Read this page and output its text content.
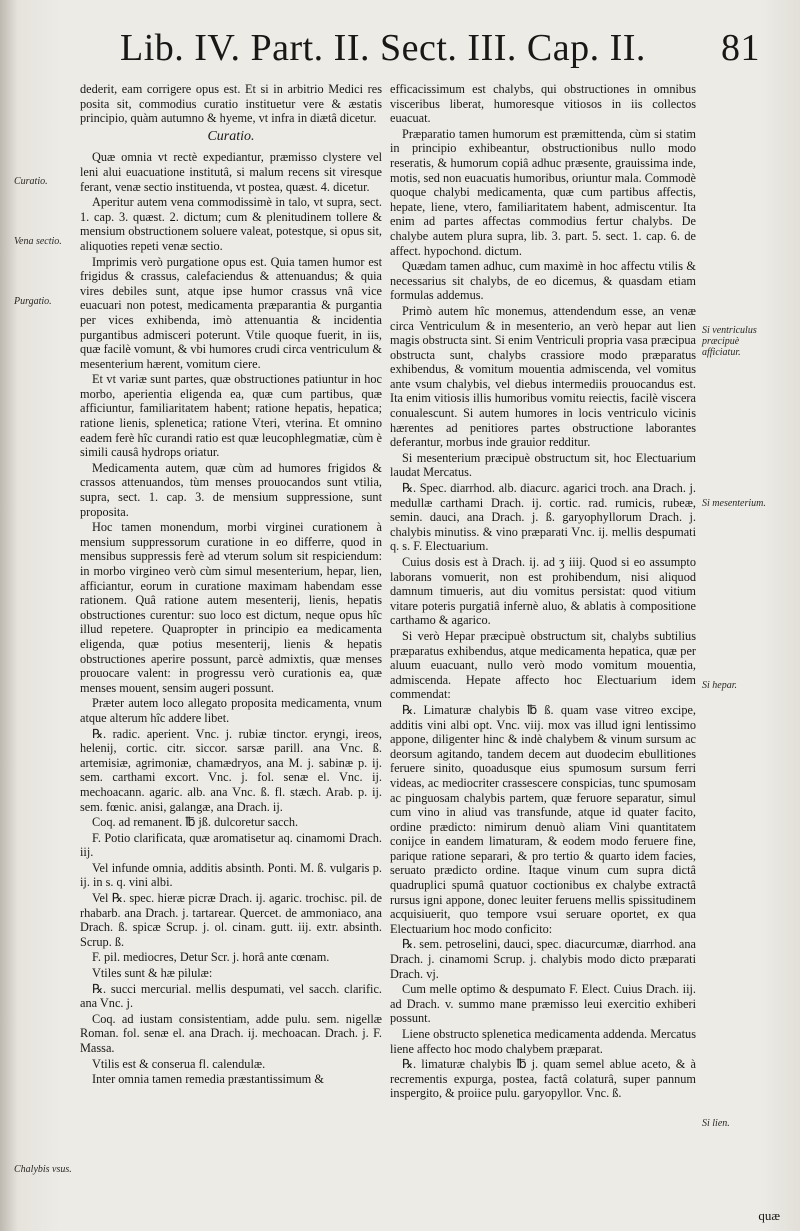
Lib. IV. Part. II. Sect. III. Cap. II. 81
Curatio.
Vena sectio.
Purgatio.
Chalybis vsus.
Si ventriculus præcipuè afficiatur.
Si mesenterium.
Si hepar.
Si lien.

dederit, eam corrigere opus est. Et si in arbitrio Medici res posita sit, commodius curatio instituetur vere & æstatis principio, quàm autumno & hyeme, vt infra in diætâ dicetur.

Curatio.

Quæ omnia vt rectè expediantur, præmisso clystere vel leni alui euacuatione institutâ, si malum recens sit viresque ferant, venæ sectio instituenda, vt postea, quæst. 4. dicetur.

Aperitur autem vena commodissimè in talo, vt supra, sect. 1. cap. 3. quæst. 2. dictum; cum & plenitudinem tollere & mensium obstructionem soluere valeat, potestque, si opus sit, aliquoties repeti venæ sectio.

Imprimis verò purgatione opus est. Quia tamen humor est frigidus & crassus, calefaciendus & attenuandus; & quia vires debiles sunt, atque ipse humor crassus vnâ vice euacuari non potest, medicamenta præparantia & purgantia per vices exhibenda, imò attenuantia & incidentia purgantibus admisceri poterunt. Vtile quoque fuerit, in iis, quæ facilè vomunt, & vbi humores crudi circa ventriculum & mesenterium hærent, vomitum ciere.

Et vt variæ sunt partes, quæ obstructiones patiuntur in hoc morbo, aperientia eligenda ea, quæ cum partibus, quæ afficiuntur, familiaritatem habent; ratione hepatis, hepatica; ratione lienis, splenetica; ratione Vteri, vterina. Et omnino eadem ferè hîc curandi ratio est quæ leucophlegmatiæ, cùm è simili causâ hydrops oriatur.

Medicamenta autem, quæ cùm ad humores frigidos & crassos attenuandos, tùm menses prouocandos sunt vtilia, supra, sect. 1. cap. 3. de mensium suppressione, sunt proposita.

Hoc tamen monendum, morbi virginei curationem à mensium suppressorum curatione in eo differre, quod in mensibus suppressis ferè ad vterum solum sit respiciendum: in morbo virgineo verò cùm simul mesenterium, hepar, lien, afficiantur, eorum in curatione maximam habendam esse rationem. Quâ ratione autem mesenterij, lienis, hepatis obstructiones curentur: suo loco est dictum, neque opus hîc illud repetere. Quapropter in principio ea medicamenta eligenda, quæ potius mesenterij, lienis & hepatis obstructiones aperire possunt, parcè admixtis, quæ menses prouocare valent: in progressu verò curationis ea, quæ menses mouent, sensim augeri possunt.

Præter autem loco allegato proposita medicamenta, vnum atque alterum hîc addere libet.

℞. radic. aperient. Vnc. j. rubiæ tinctor. eryngi, ireos, helenij, cortic. citr. siccor. sarsæ parill. ana Vnc. ß. artemisiæ, agrimoniæ, chamædryos, ana M. j. sabinæ p. ij. sem. carthami excort. Vnc. j. fol. senæ el. Vnc. ij. mechoacann. agaric. alb. ana Vnc. ß. fl. stæch. Arab. p. ij. sem. fœnic. anisi, galangæ, ana Drach. ij.

Coq. ad remanent. ℔ jß. dulcoretur sacch.

F. Potio clarificata, quæ aromatisetur aq. cinamomi Drach. iij.

Vel infunde omnia, additis absinth. Ponti. M. ß. vulgaris p. ij. in s. q. vini albi.

Vel ℞. spec. hieræ picræ Drach. ij. agaric. trochisc. pil. de rhabarb. ana Drach. j. tartarear. Quercet. de ammoniaco, ana Drach. ß. spicæ Scrup. j. ol. cinam. gutt. iij. extr. absinth. Scrup. ß.

F. pil. mediocres, Detur Scr. j. horâ ante cœnam.

Vtiles sunt & hæ pilulæ:

℞. succi mercurial. mellis despumati, vel sacch. clarific. ana Vnc. j.

Coq. ad iustam consistentiam, adde pulu. sem. nigellæ Roman. fol. senæ el. ana Drach. ij. mechoacan. Drach. j. F. Massa.

Vtilis est & conserua fl. calendulæ.

Inter omnia tamen remedia præstantissimum &

efficacissimum est chalybs, qui obstructiones in omnibus visceribus liberat, humoresque vitiosos in iis collectos euacuat.

Præparatio tamen humorum est præmittenda, cùm si statim in principio exhibeantur, obstructionibus nullo modo reseratis, & humorum copiâ adhuc præsente, grauissima inde, motis, sed non euacuatis humoribus, oriuntur mala. Commodè quoque chalybi medicamenta, quæ cum partibus affectis, hepate, liene, vtero, familiaritatem habent, admiscentur. Ita enim ad partes affectas commodius fertur chalybs. De chalybe autem plura supra, lib. 3. part. 5. sect. 1. cap. 6. de affect. hypochond. dictum.

Quædam tamen adhuc, cum maximè in hoc affectu vtilis & necessarius sit chalybs, de eo dicemus, & quasdam etiam formulas addemus.

Primò autem hîc monemus, attendendum esse, an venæ circa Ventriculum & in mesenterio, an verò hepar aut lien magis obstructa sint. Si enim Ventriculi propria vasa præcipua obstructa sunt, chalybs crassiore modo præparatus exhibendus, & vomitum mouentia admiscenda, vel vomitus ante vsum chalybis, vel diebus intermediis prouocandus est. Ita enim vitiosis illis humoribus vomitu reiectis, facilè viscera conualescunt. Si autem humores in locis ventriculo vicinis hærentes ad penitiores partes obstructione laborantes deferantur, morbus inde grauior redditur.

Si mesenterium præcipuè obstructum sit, hoc Electuarium laudat Mercatus.

℞. Spec. diarrhod. alb. diacurc. agarici troch. ana Drach. j. medullæ carthami Drach. ij. cortic. rad. rumicis, rubeæ, semin. dauci, ana Drach. j. ß. garyophyllorum Drach. j. chalybis minutiss. & vino præparati Vnc. ij. mellis despumati q. s. F. Electuarium.

Cuius dosis est à Drach. ij. ad ʒ iiij. Quod si eo assumpto laborans vomuerit, non est prohibendum, nisi aliquod damnum timueris, aut diu vomitus persistat: quod vitium vitare poteris purgatiâ infernè aluo, & ablatis à compositione carthamo & agarico.

Si verò Hepar præcipuè obstructum sit, chalybs subtilius præparatus exhibendus, atque medicamenta hepatica, quæ per aluum euacuant, nullo verò modo vomitum mouentia, admiscenda. Hepate affecto hoc Electuarium idem commendat:

℞. Limaturæ chalybis ℔ ß. quam vase vitreo excipe, additis vini albi opt. Vnc. viij. mox vas illud igni lentissimo appone, diligenter hinc & indè chalybem & vinum sursum ac deorsum agitando, tandem decem aut duodecim ebullitiones feruere sinito, quoadusque eius spumosum sursum ferri videas, ac mediocriter crassescere conspicias, tunc spumosam ac pinguosam chalybis partem, quæ feruore separatur, simul cum vino in aliud vas transfunde, atque id quater facito, ordine prædicto: nimirum denuò aliam Vini quantitatem conijce in eandem limaturam, & eodem modo feruere fine, parique ratione separari, & pro tertio & quarto idem facies, seruato prædicto ordine. Itaque vinum cum supra dictâ quadruplici spumâ quatuor coctionibus ex chalybe extractâ rursus igni appone, donec leuiter feruens mellis spissitudinem acquisiuerit, quo tempore vsui seruare oportet, ex qua Electuarium hoc modo conficito:

℞. sem. petroselini, dauci, spec. diacurcumæ, diarrhod. ana Drach. j. cinamomi Scrup. j. chalybis modo dicto præparati Drach. vj.

Cum melle optimo & despumato F. Elect. Cuius Drach. iij. ad Drach. v. summo mane præmisso leui exercitio exhiberi possunt.

Liene obstructo splenetica medicamenta addenda. Mercatus liene affecto hoc modo chalybem præparat.

℞. limaturæ chalybis ℔ j. quam semel ablue aceto, & à recrementis expurga, postea, factâ colaturâ, super pannum inspergito, & proiice pulu. garyopyllor. Vnc. ß.

quæ
